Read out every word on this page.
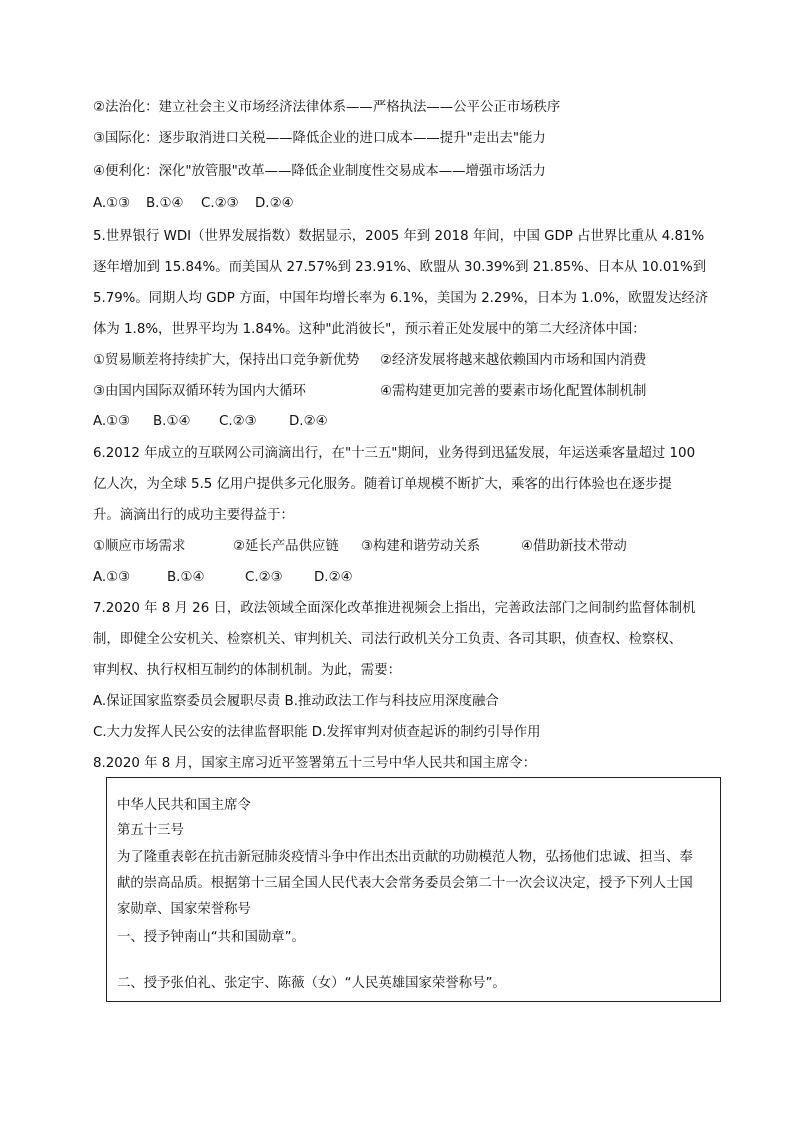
②法治化：建立社会主义市场经济法律体系——严格执法——公平公正市场秩序
③国际化：逐步取消进口关税——降低企业的进口成本——提升"走出去"能力
④便利化：深化"放管服"改革——降低企业制度性交易成本——增强市场活力
A.①③ B.①④ C.②③ D.②④
5.世界银行 WDI（世界发展指数）数据显示，2005 年到 2018 年间，中国 GDP 占世界比重从 4.81%
逐年增加到 15.84%。而美国从 27.57%到 23.91%、欧盟从 30.39%到 21.85%、日本从 10.01%到
5.79%。同期人均 GDP 方面，中国年均增长率为 6.1%，美国为 2.29%，日本为 1.0%，欧盟发达经济
体为 1.8%，世界平均为 1.84%。这种"此消彼长"，预示着正处发展中的第二大经济体中国：
①贸易顺差将持续扩大，保持出口竞争新优势 ②经济发展将越来越依赖国内市场和国内消费
③由国内国际双循环转为国内大循环	④需构建更加完善的要素市场化配置体制机制
A.①③ B.①④ C.②③ D.②④
6.2012 年成立的互联网公司滴滴出行，在"十三五"期间，业务得到迅猛发展，年运送乘客量超过 100
亿人次，为全球 5.5 亿用户提供多元化服务。随着订单规模不断扩大，乘客的出行体验也在逐步提
升。滴滴出行的成功主要得益于：
①顺应市场需求	②延长产品供应链 ③构建和谐劳动关系	④借助新技术带动
A.①③	B.①④	C.②③ D.②④
7.2020 年 8 月 26 日，政法领域全面深化改革推进视频会上指出，完善政法部门之间制约监督体制机
制，即健全公安机关、检察机关、审判机关、司法行政机关分工负责、各司其职，侦查权、检察权、
审判权、执行权相互制约的体制机制。为此，需要：
A.保证国家监察委员会履职尽责 B.推动政法工作与科技应用深度融合
C.大力发挥人民公安的法律监督职能 D.发挥审判对侦查起诉的制约引导作用
8.2020 年 8 月，国家主席习近平签署第五十三号中华人民共和国主席令：
中华人民共和国主席令
第五十三号
为了隆重表彰在抗击新冠肺炎疫情斗争中作出杰出贡献的功勋模范人物，弘扬他们忠诚、担当、奉
献的崇高品质。根据第十三届全国人民代表大会常务委员会第二十一次会议决定，授予下列人士国
家勋章、国家荣誉称号
一、授予钟南山“共和国勋章”。
二、授予张伯礼、张定宇、陈薇（女）“人民英雄国家荣誉称号”。
